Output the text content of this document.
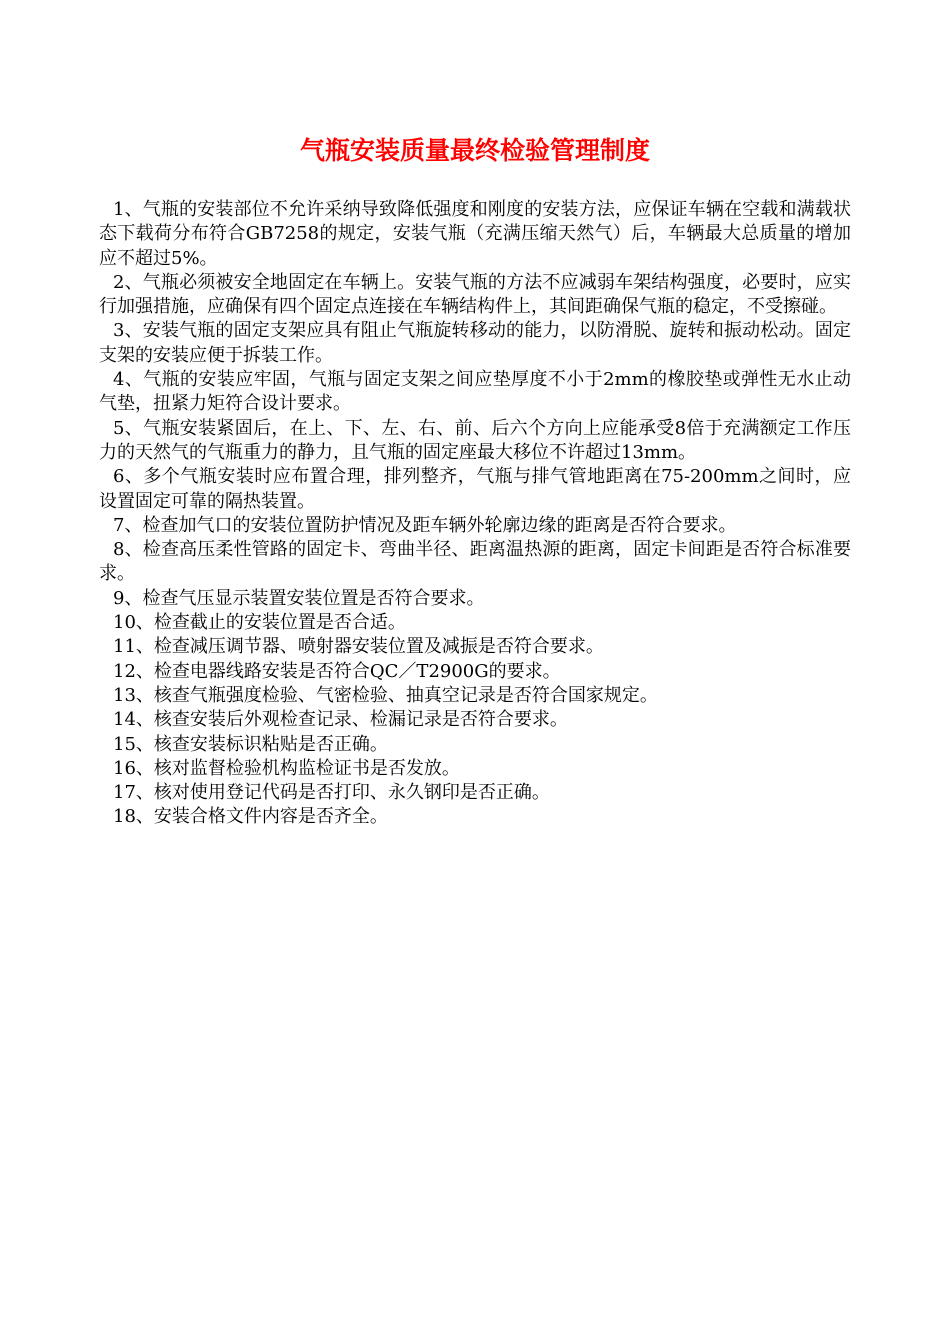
气瓶安装质量最终检验管理制度

1、气瓶的安装部位不允许采纳导致降低强度和刚度的安装方法，应保证车辆在空载和满载状态下载荷分布符合GB7258的规定，安装气瓶（充满压缩天然气）后，车辆最大总质量的增加应不超过5%。

2、气瓶必须被安全地固定在车辆上。安装气瓶的方法不应减弱车架结构强度，必要时，应实行加强措施，应确保有四个固定点连接在车辆结构件上，其间距确保气瓶的稳定，不受擦碰。

3、安装气瓶的固定支架应具有阻止气瓶旋转移动的能力，以防滑脱、旋转和振动松动。固定支架的安装应便于拆装工作。

4、气瓶的安装应牢固，气瓶与固定支架之间应垫厚度不小于2mm的橡胶垫或弹性无水止动气垫，扭紧力矩符合设计要求。

5、气瓶安装紧固后，在上、下、左、右、前、后六个方向上应能承受8倍于充满额定工作压力的天然气的气瓶重力的静力，且气瓶的固定座最大移位不许超过13mm。

6、多个气瓶安装时应布置合理，排列整齐，气瓶与排气管地距离在75-200mm之间时，应设置固定可靠的隔热装置。

7、检查加气口的安装位置防护情况及距车辆外轮廓边缘的距离是否符合要求。

8、检查高压柔性管路的固定卡、弯曲半径、距离温热源的距离，固定卡间距是否符合标准要求。

9、检查气压显示装置安装位置是否符合要求。

10、检查截止的安装位置是否合适。

11、检查减压调节器、喷射器安装位置及减振是否符合要求。

12、检查电器线路安装是否符合QC／T2900G的要求。

13、核查气瓶强度检验、气密检验、抽真空记录是否符合国家规定。

14、核查安装后外观检查记录、检漏记录是否符合要求。

15、核查安装标识粘贴是否正确。

16、核对监督检验机构监检证书是否发放。

17、核对使用登记代码是否打印、永久钢印是否正确。

18、安装合格文件内容是否齐全。
